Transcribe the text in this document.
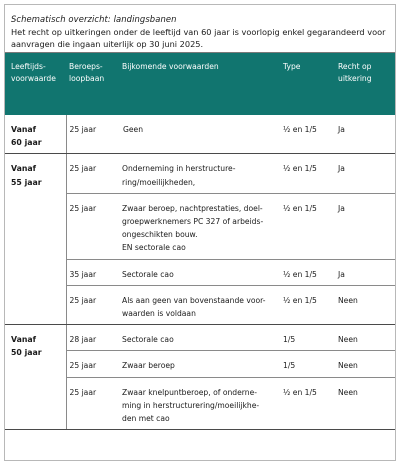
Schematisch overzicht: landingsbanen
Het recht op uitkeringen onder de leeftijd van 60 jaar is voorlopig enkel gegarandeerd voor aanvragen die ingaan uiterlijk op 30 juni 2025.
Leeftijds-
voorwaarde	Beroeps-
loopbaan	Bijkomende voorwaarden	Type	Recht op
uitkering
Vanaf
60 jaar	25 jaar	Geen	½ en 1/5	Ja
Vanaf
55 jaar	25 jaar	Onderneming in herstructure-
ring/moeilijkheden,	½ en 1/5	Ja
	25 jaar	Zwaar beroep, nachtprestaties, doel-
groepwerknemers PC 327 of arbeids-
ongeschikten bouw.
EN sectorale cao	½ en 1/5	Ja
	35 jaar	Sectorale cao	½ en 1/5	Ja
	25 jaar	Als aan geen van bovenstaande voor-
waarden is voldaan	½ en 1/5	Neen
Vanaf
50 jaar	28 jaar	Sectorale cao	1/5	Neen
	25 jaar	Zwaar beroep	1/5	Neen
	25 jaar	Zwaar knelpuntberoep, of onderne-
ming in herstructurering/moeilijkhe-
den met cao	½ en 1/5	Neen
